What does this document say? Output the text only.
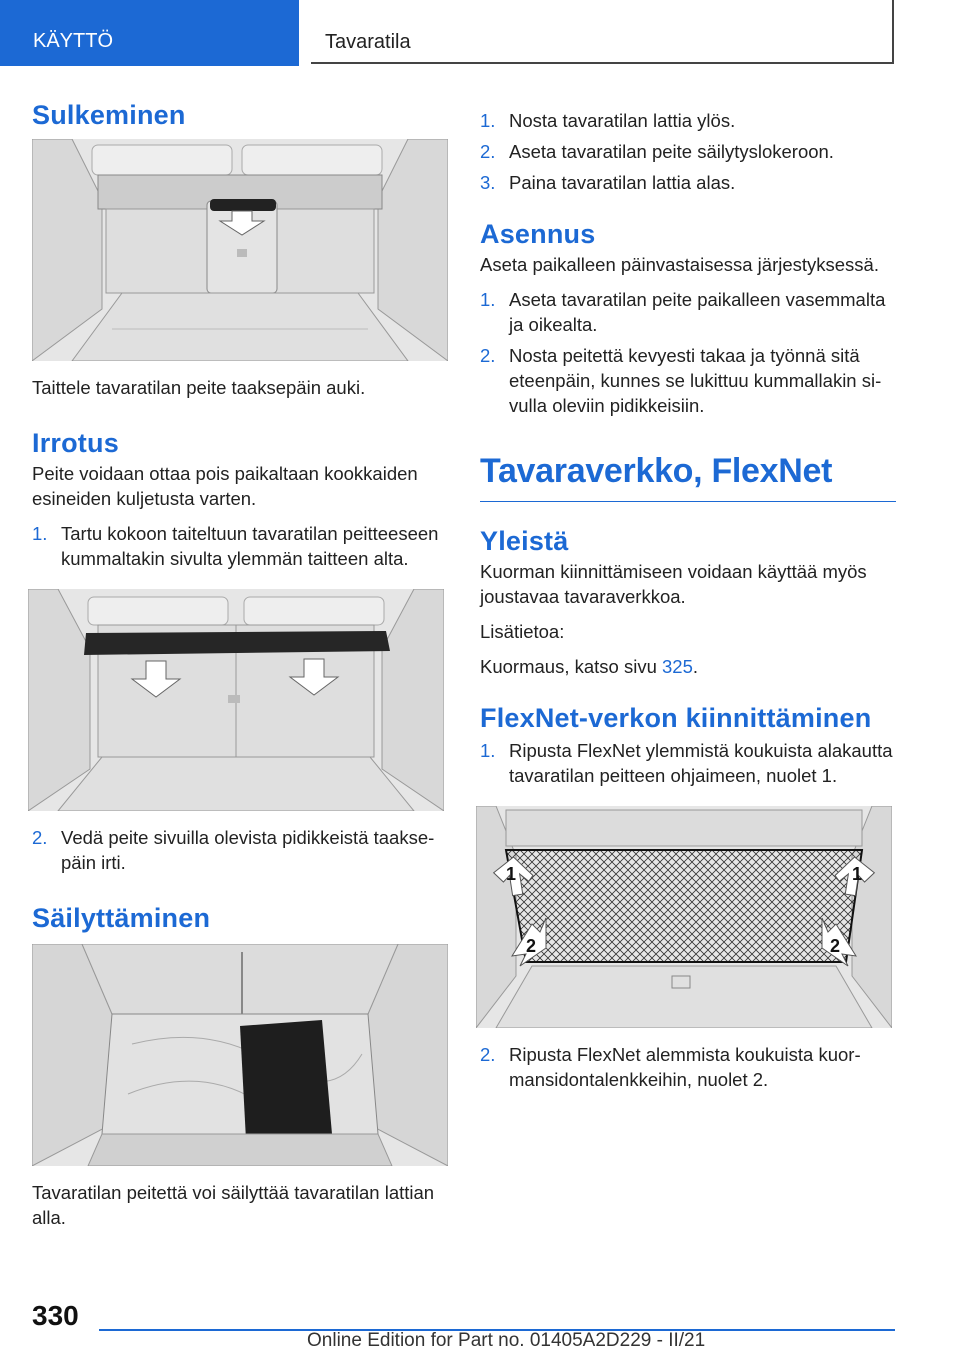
KÄYTTÖ	Tavaratila
Sulkeminen

Taittele tavaratilan peite taaksepäin auki.

Irrotus

Peite voidaan ottaa pois paikaltaan kookkaiden esineiden kuljetusta varten.

1. Tartu kokoon taiteltuun tavaratilan peitteeseen kummaltakin sivulta ylemmän taitteen alta.
2. Vedä peite sivuilla olevista pidikkeistä taaksepäin irti.
Säilyttäminen

Tavaratilan peitettä voi säilyttää tavaratilan lattian alla.

1. Nosta tavaratilan lattia ylös.
2. Aseta tavaratilan peite säilytyslokeroon.
3. Paina tavaratilan lattia alas.
Asennus

Aseta paikalleen päinvastaisessa järjestyksessä.

1. Aseta tavaratilan peite paikalleen vasemmalta ja oikealta.
2. Nosta peitettä kevyesti takaa ja työnnä sitä eteenpäin, kunnes se lukittuu kummallakin sivulla oleviin pidikkeisiin.
Tavaraverkko, FlexNet
Yleistä

Kuorman kiinnittämiseen voidaan käyttää myös joustavaa tavaraverkkoa.

Lisätietoa:

Kuormaus, katso sivu 325.

FlexNet-verkon kiinnittäminen
1. Ripusta FlexNet ylemmistä koukuista alakautta tavaratilan peitteen ohjaimeen, nuolet 1.
1	1
2	2
2. Ripusta FlexNet alemmista koukuista kuormansidontalenkkeihin, nuolet 2.
330
Online Edition for Part no. 01405A2D229 - II/21
